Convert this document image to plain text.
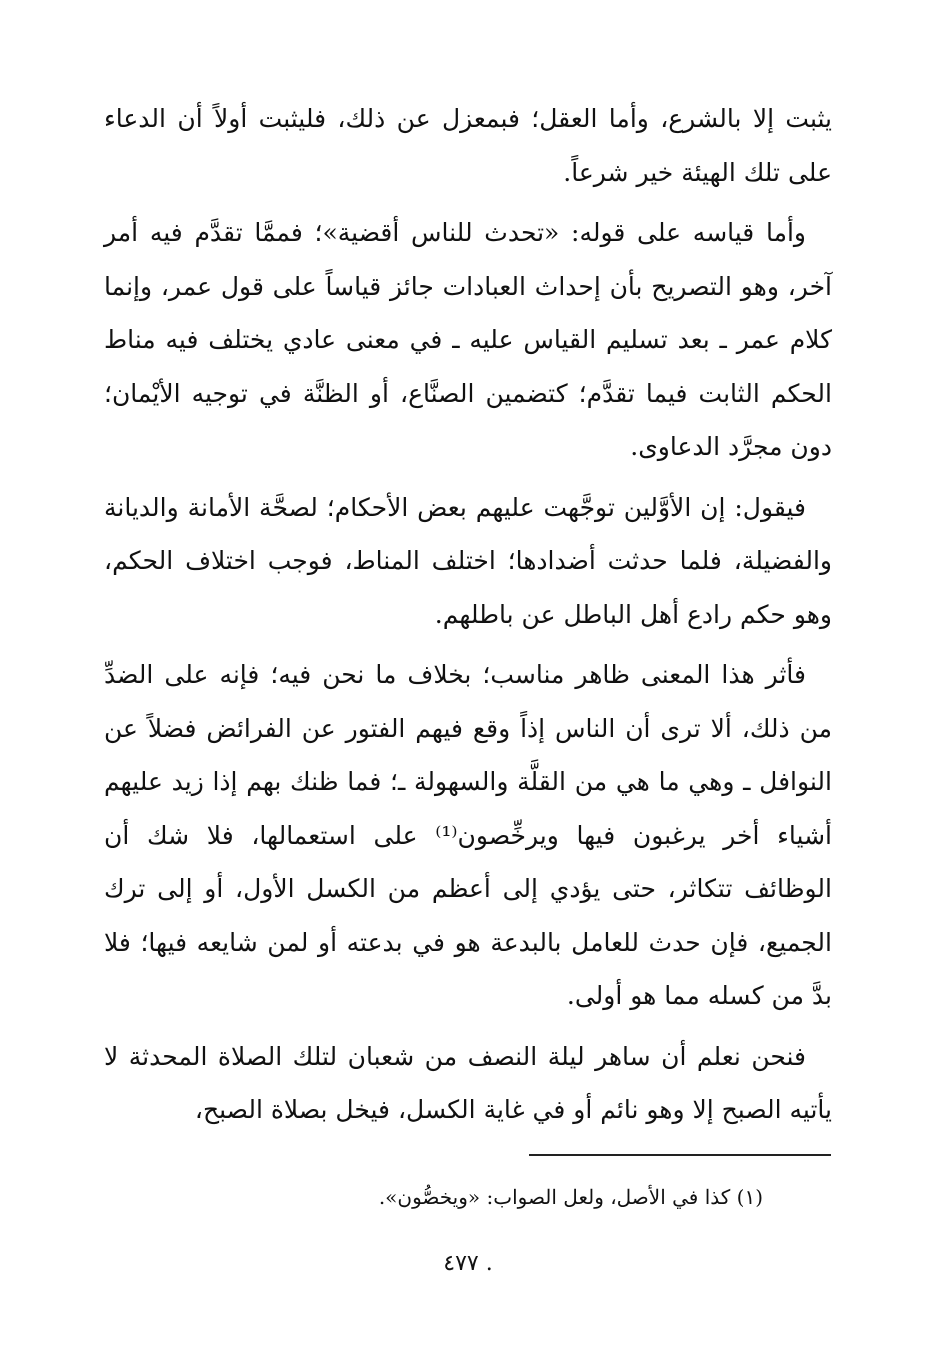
يثبت إلا بالشرع، وأما العقل؛ فبمعزل عن ذلك، فليثبت أولاً أن الدعاء على تلك الهيئة خير شرعاً.

وأما قياسه على قوله: «تحدث للناس أقضية»؛ فممَّا تقدَّم فيه أمر آخر، وهو التصريح بأن إحداث العبادات جائز قياساً على قول عمر، وإنما كلام عمر ـ بعد تسليم القياس عليه ـ في معنى عادي يختلف فيه مناط الحكم الثابت فيما تقدَّم؛ كتضمين الصنَّاع، أو الظنَّة في توجيه الأيْمان؛ دون مجرَّد الدعاوى.

فيقول: إن الأوَّلين توجَّهت عليهم بعض الأحكام؛ لصحَّة الأمانة والديانة والفضيلة، فلما حدثت أضدادها؛ اختلف المناط، فوجب اختلاف الحكم، وهو حكم رادع أهل الباطل عن باطلهم.

فأثر هذا المعنى ظاهر مناسب؛ بخلاف ما نحن فيه؛ فإنه على الضدِّ من ذلك، ألا ترى أن الناس إذاً وقع فيهم الفتور عن الفرائض فضلاً عن النوافل ـ وهي ما هي من القلَّة والسهولة ـ؛ فما ظنك بهم إذا زيد عليهم أشياء أخر يرغبون فيها ويرخِّصون⁽¹⁾ على استعمالها، فلا شك أن الوظائف تتكاثر، حتى يؤدي إلى أعظم من الكسل الأول، أو إلى ترك الجميع، فإن حدث للعامل بالبدعة هو في بدعته أو لمن شايعه فيها؛ فلا بدَّ من كسله مما هو أولى.

فنحن نعلم أن ساهر ليلة النصف من شعبان لتلك الصلاة المحدثة لا يأتيه الصبح إلا وهو نائم أو في غاية الكسل، فيخل بصلاة الصبح،

(١) كذا في الأصل، ولعل الصواب: «ويخصُّون».
. ٤٧٧
